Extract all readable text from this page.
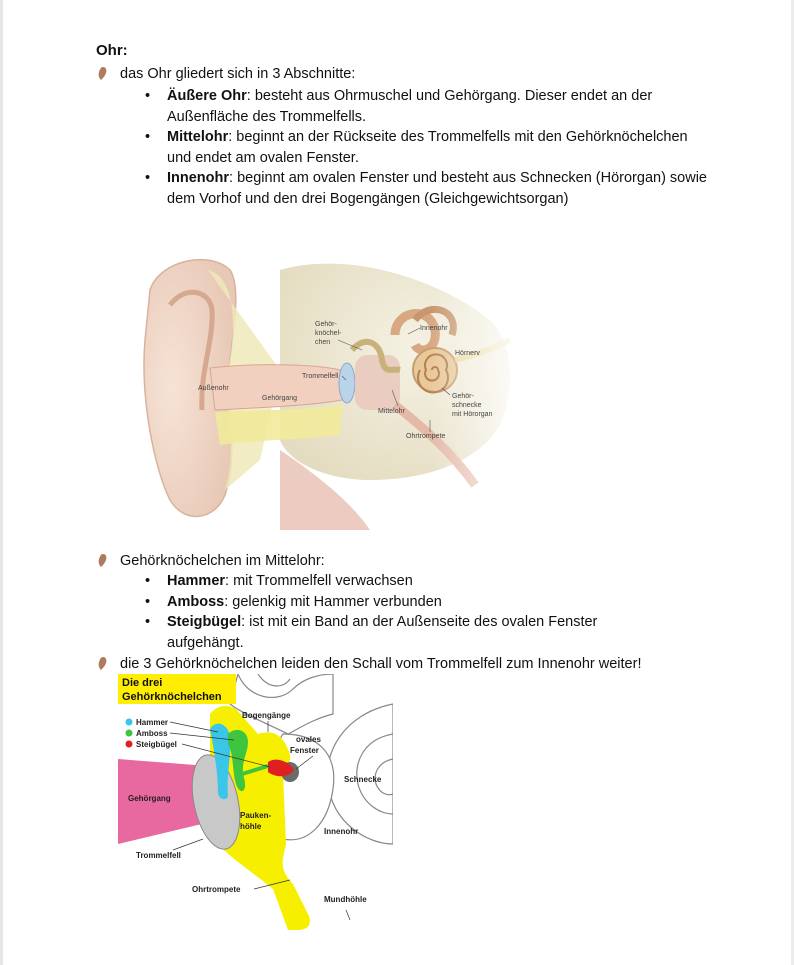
Ohr:
das Ohr gliedert sich in 3 Abschnitte:
• Äußere Ohr: besteht aus Ohrmuschel und Gehörgang. Dieser endet an der Außenfläche des Trommelfells.
• Mittelohr: beginnt an der Rückseite des Trommelfells mit den Gehörknöchelchen und endet am ovalen Fenster.
• Innenohr: beginnt am ovalen Fenster und besteht aus Schnecken (Hörorgan) sowie dem Vorhof und den drei Bogengängen (Gleichgewichtsorgan)
Gehör-
knöchel-
chen
Innenohr
Hörnerv
Trommelfell
Außenohr
Gehörgang
Mittelohr
Gehör-
schnecke
mit Hörorgan
Ohrtrompete
Gehörknöchelchen im Mittelohr:
• Hammer: mit Trommelfell verwachsen
• Amboss: gelenkig mit Hammer verbunden
• Steigbügel: ist mit ein Band an der Außenseite des ovalen Fenster aufgehängt.
die 3 Gehörknöchelchen leiden den Schall vom Trommelfell zum Innenohr weiter!
Die drei
Gehörknöchelchen
Hammer
Amboss
Steigbügel
Bogengänge
ovales
Fenster
Schnecke
Gehörgang
Pauken-
höhle
Innenohr
Trommelfell
Ohrtrompete
Mundhöhle
